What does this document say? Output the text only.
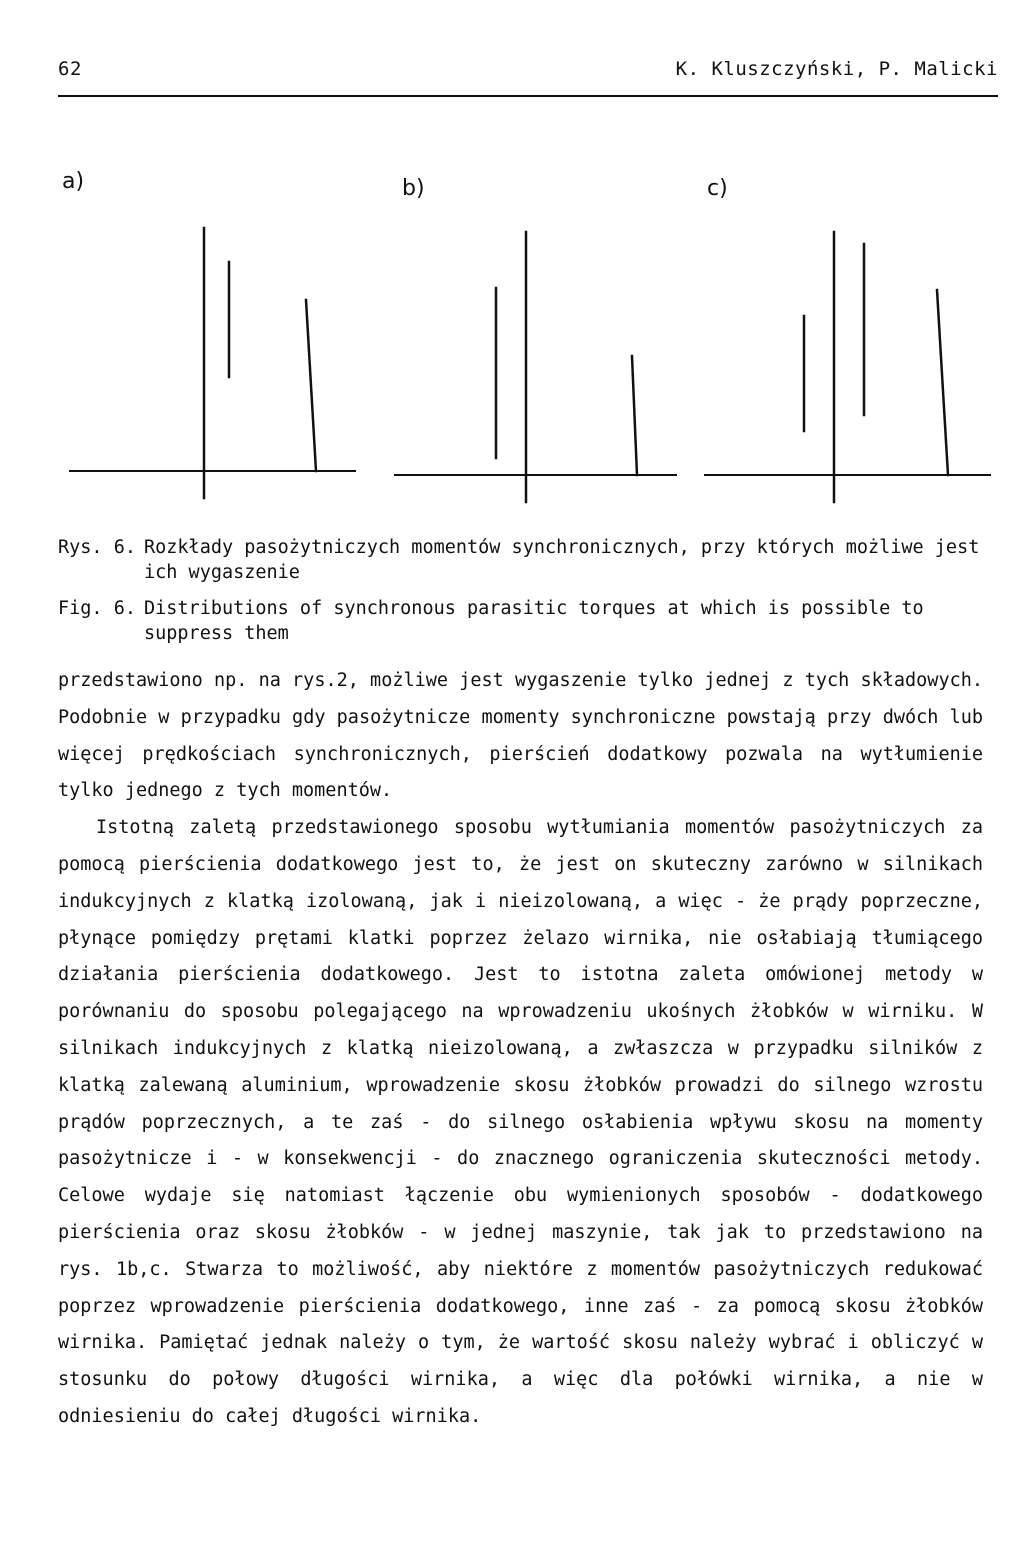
62	K. Kluszczyński, P. Malicki
a)	b)	c)
Rys. 6. Rozkłady pasożytniczych momentów synchronicznych, przy których możliwe jest ich wygaszenie
Fig. 6. Distributions of synchronous parasitic torques at which is possible to suppress them

przedstawiono np. na rys.2, możliwe jest wygaszenie tylko jednej z tych składowych. Podobnie w przypadku gdy pasożytnicze momenty synchroniczne powstają przy dwóch lub więcej prędkościach synchronicznych, pierścień dodatkowy pozwala na wytłumienie tylko jednego z tych momentów.

Istotną zaletą przedstawionego sposobu wytłumiania momentów pasożytniczych za pomocą pierścienia dodatkowego jest to, że jest on skuteczny zarówno w silnikach indukcyjnych z klatką izolowaną, jak i nieizolowaną, a więc - że prądy poprzeczne, płynące pomiędzy prętami klatki poprzez żelazo wirnika, nie osłabiają tłumiącego działania pierścienia dodatkowego. Jest to istotna zaleta omówionej metody w porównaniu do sposobu polegającego na wprowadzeniu ukośnych żłobków w wirniku. W silnikach indukcyjnych z klatką nieizolowaną, a zwłaszcza w przypadku silników z klatką zalewaną aluminium, wprowadzenie skosu żłobków prowadzi do silnego wzrostu prądów poprzecznych, a te zaś - do silnego osłabienia wpływu skosu na momenty pasożytnicze i - w konsekwencji - do znacznego ograniczenia skuteczności metody. Celowe wydaje się natomiast łączenie obu wymienionych sposobów - dodatkowego pierścienia oraz skosu żłobków - w jednej maszynie, tak jak to przedstawiono na rys. 1b,c. Stwarza to możliwość, aby niektóre z momentów pasożytniczych redukować poprzez wprowadzenie pierścienia dodatkowego, inne zaś - za pomocą skosu żłobków wirnika. Pamiętać jednak należy o tym, że wartość skosu należy wybrać i obliczyć w stosunku do połowy długości wirnika, a więc dla połówki wirnika, a nie w odniesieniu do całej długości wirnika.
